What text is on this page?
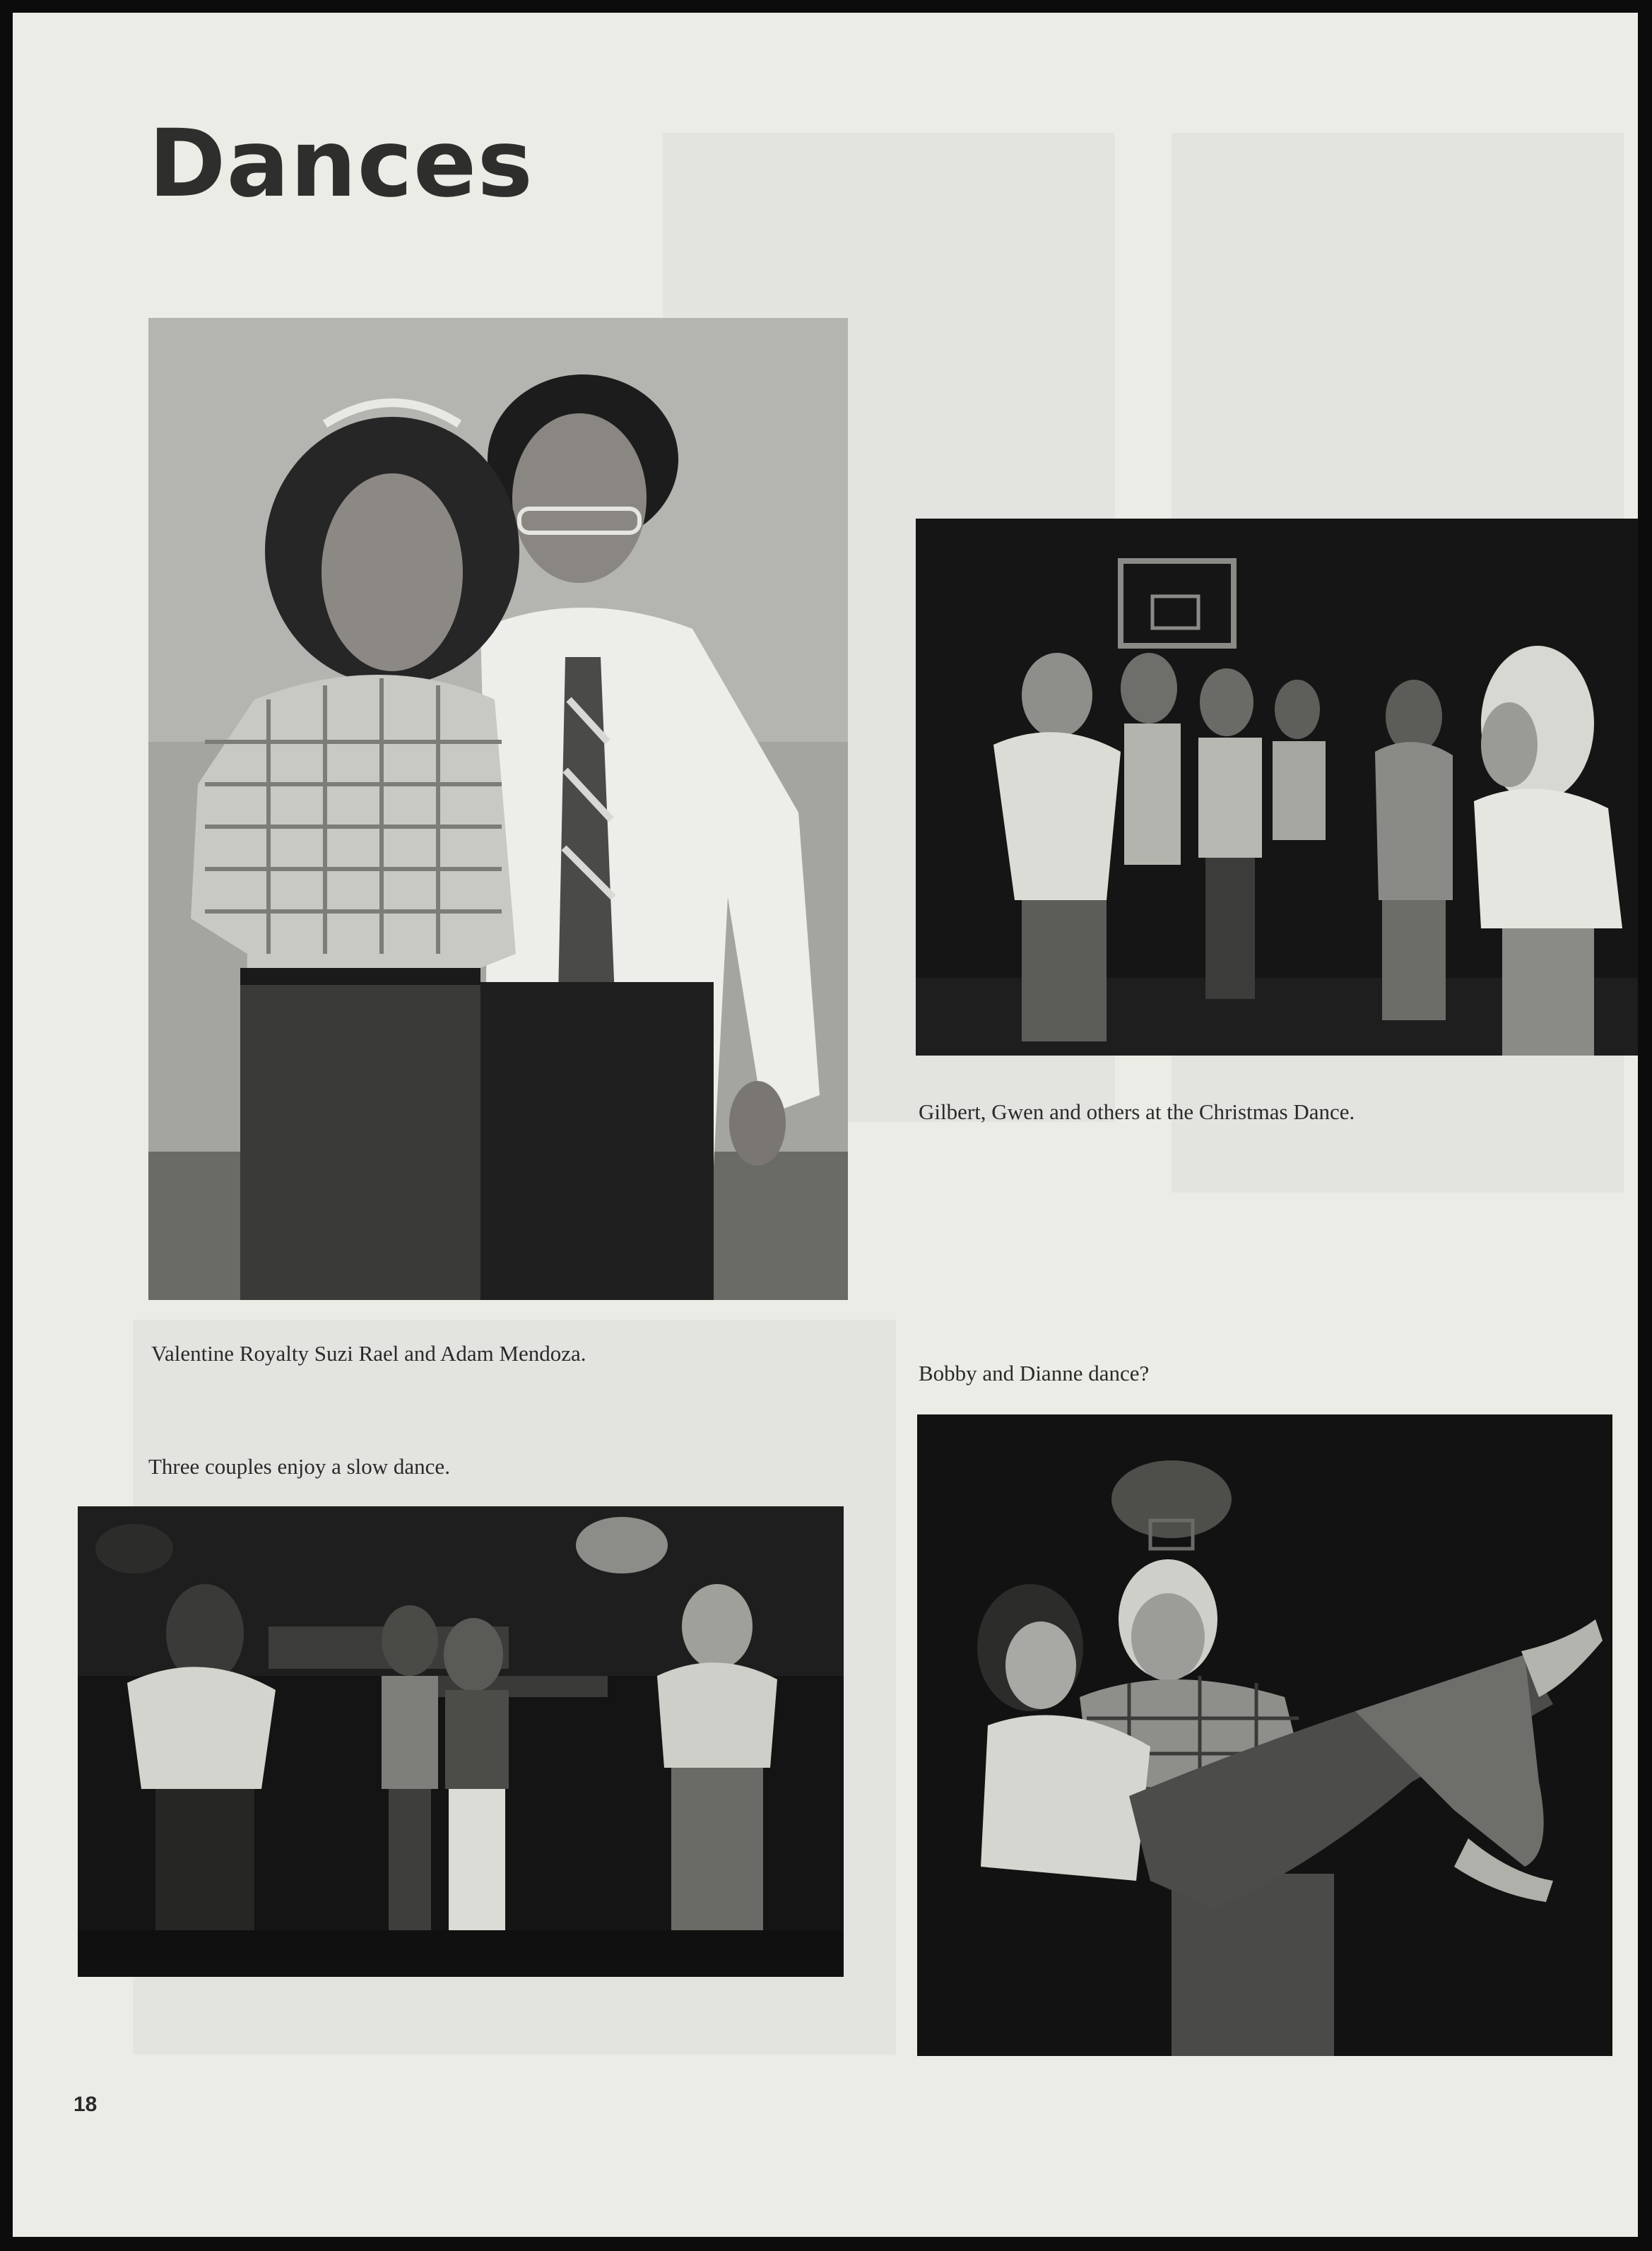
Dances

Valentine Royalty Suzi Rael and Adam Mendoza.

Gilbert, Gwen and others at the Christmas Dance.

Three couples enjoy a slow dance.

Bobby and Dianne dance?

18
